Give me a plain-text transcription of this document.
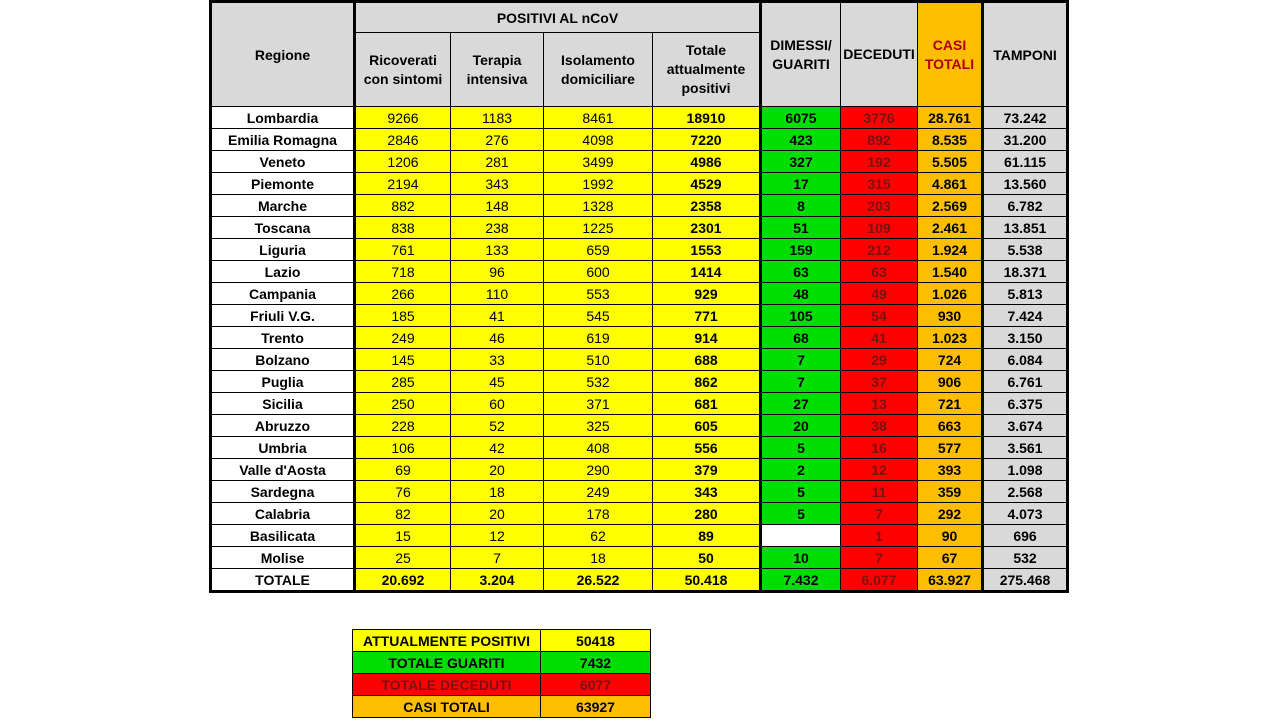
Regione	POSITIVI AL nCoV				DIMESSI/ GUARITI	DECEDUTI	CASI TOTALI	TAMPONI
	Ricoverati con sintomi	Terapia intensiva	Isolamento domiciliare	Totale attualmente positivi				
Lombardia	9266	1183	8461	18910	6075	3776	28.761	73.242
Emilia Romagna	2846	276	4098	7220	423	892	8.535	31.200
Veneto	1206	281	3499	4986	327	192	5.505	61.115
Piemonte	2194	343	1992	4529	17	315	4.861	13.560
Marche	882	148	1328	2358	8	203	2.569	6.782
Toscana	838	238	1225	2301	51	109	2.461	13.851
Liguria	761	133	659	1553	159	212	1.924	5.538
Lazio	718	96	600	1414	63	63	1.540	18.371
Campania	266	110	553	929	48	49	1.026	5.813
Friuli V.G.	185	41	545	771	105	54	930	7.424
Trento	249	46	619	914	68	41	1.023	3.150
Bolzano	145	33	510	688	7	29	724	6.084
Puglia	285	45	532	862	7	37	906	6.761
Sicilia	250	60	371	681	27	13	721	6.375
Abruzzo	228	52	325	605	20	38	663	3.674
Umbria	106	42	408	556	5	16	577	3.561
Valle d'Aosta	69	20	290	379	2	12	393	1.098
Sardegna	76	18	249	343	5	11	359	2.568
Calabria	82	20	178	280	5	7	292	4.073
Basilicata	15	12	62	89		1	90	696
Molise	25	7	18	50	10	7	67	532
TOTALE	20.692	3.204	26.522	50.418	7.432	6.077	63.927	275.468
ATTUALMENTE POSITIVI	50418
TOTALE GUARITI	7432
TOTALE DECEDUTI	6077
CASI TOTALI	63927
